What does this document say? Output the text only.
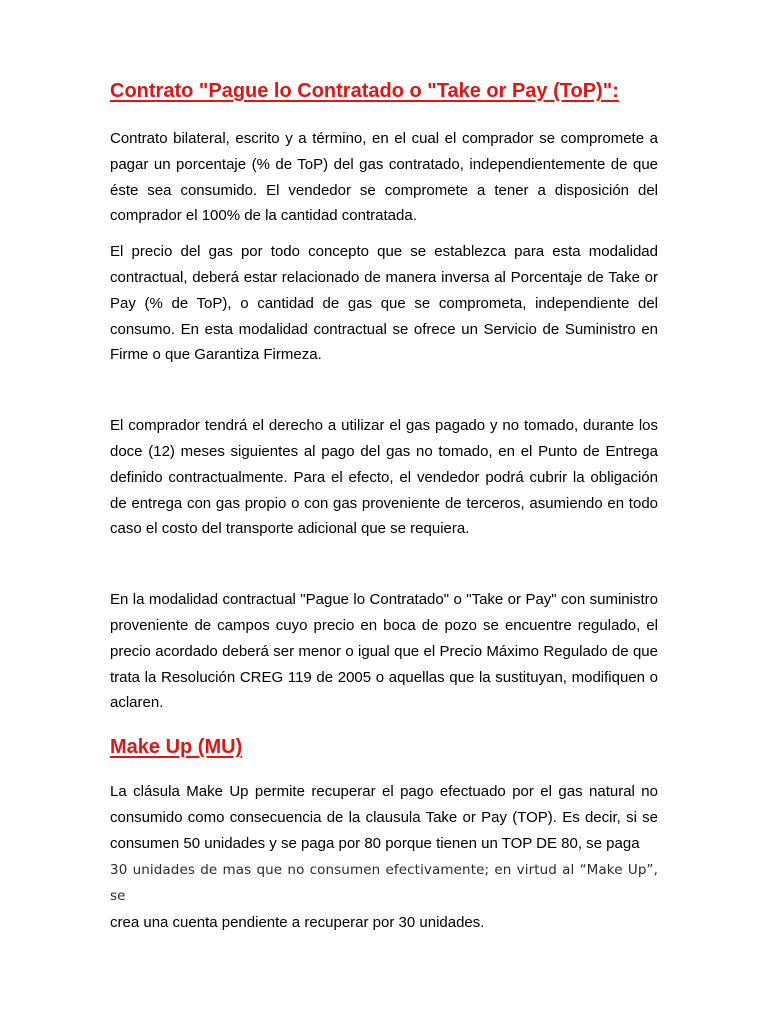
Contrato "Pague lo Contratado o "Take or Pay (ToP)":

Contrato bilateral, escrito y a término, en el cual el comprador se compromete a pagar un porcentaje (% de ToP) del gas contratado, independientemente de que éste sea consumido. El vendedor se compromete a tener a disposición del comprador el 100% de la cantidad contratada.

El precio del gas por todo concepto que se establezca para esta modalidad contractual, deberá estar relacionado de manera inversa al Porcentaje de Take or Pay (% de ToP), o cantidad de gas que se comprometa, independiente del consumo. En esta modalidad contractual se ofrece un Servicio de Suministro en Firme o que Garantiza Firmeza.

El comprador tendrá el derecho a utilizar el gas pagado y no tomado, durante los doce (12) meses siguientes al pago del gas no tomado, en el Punto de Entrega definido contractualmente. Para el efecto, el vendedor podrá cubrir la obligación de entrega con gas propio o con gas proveniente de terceros, asumiendo en todo caso el costo del transporte adicional que se requiera.

En la modalidad contractual "Pague lo Contratado" o "Take or Pay" con suministro proveniente de campos cuyo precio en boca de pozo se encuentre regulado, el precio acordado deberá ser menor o igual que el Precio Máximo Regulado de que trata la Resolución CREG 119 de 2005 o aquellas que la sustituyan, modifiquen o aclaren.

Make Up (MU)

La clásula Make Up permite recuperar el pago efectuado por el gas natural no consumido como consecuencia de la clausula Take or Pay (TOP). Es decir, si se consumen 50 unidades y se paga por 80 porque tienen un TOP DE 80, se paga
30 unidades de mas que no consumen efectivamente; en virtud al “Make Up”, se
crea una cuenta pendiente a recuperar por 30 unidades.
